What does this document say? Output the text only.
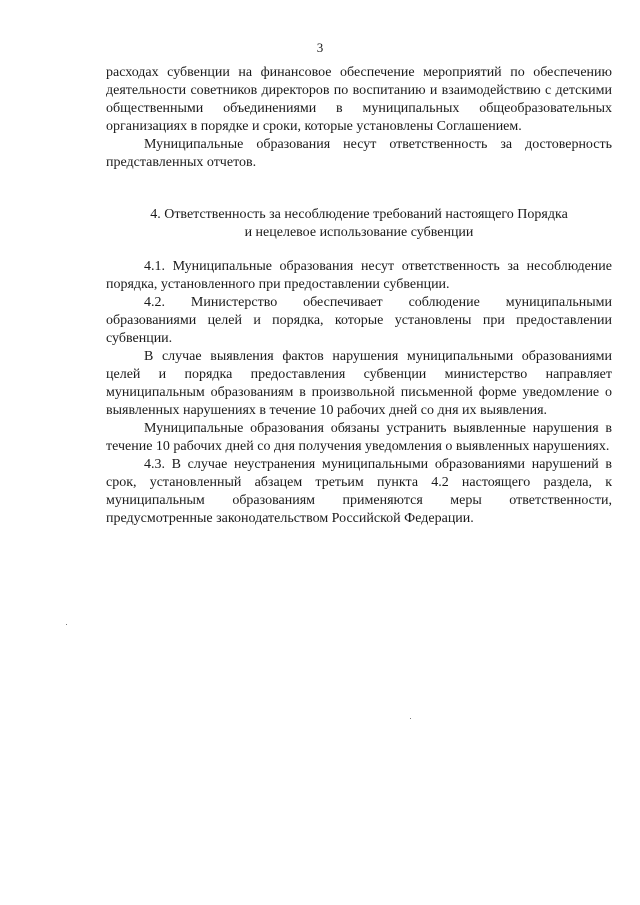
3

расходах субвенции на финансовое обеспечение мероприятий по обеспечению деятельности советников директоров по воспитанию и взаимодействию с детскими общественными объединениями в муниципальных общеобразовательных организациях в порядке и сроки, которые установлены Соглашением.

Муниципальные образования несут ответственность за достоверность представленных отчетов.

4. Ответственность за несоблюдение требований настоящего Порядка
и нецелевое использование субвенции

4.1. Муниципальные образования несут ответственность за несоблюдение порядка, установленного при предоставлении субвенции.

4.2. Министерство обеспечивает соблюдение муниципальными образованиями целей и порядка, которые установлены при предоставлении субвенции.

В случае выявления фактов нарушения муниципальными образованиями целей и порядка предоставления субвенции министерство направляет муниципальным образованиям в произвольной письменной форме уведомление о выявленных нарушениях в течение 10 рабочих дней со дня их выявления.

Муниципальные образования обязаны устранить выявленные нарушения в течение 10 рабочих дней со дня получения уведомления о выявленных нарушениях.

4.3. В случае неустранения муниципальными образованиями нарушений в срок, установленный абзацем третьим пункта 4.2 настоящего раздела, к муниципальным образованиям применяются меры ответственности, предусмотренные законодательством Российской Федерации.
